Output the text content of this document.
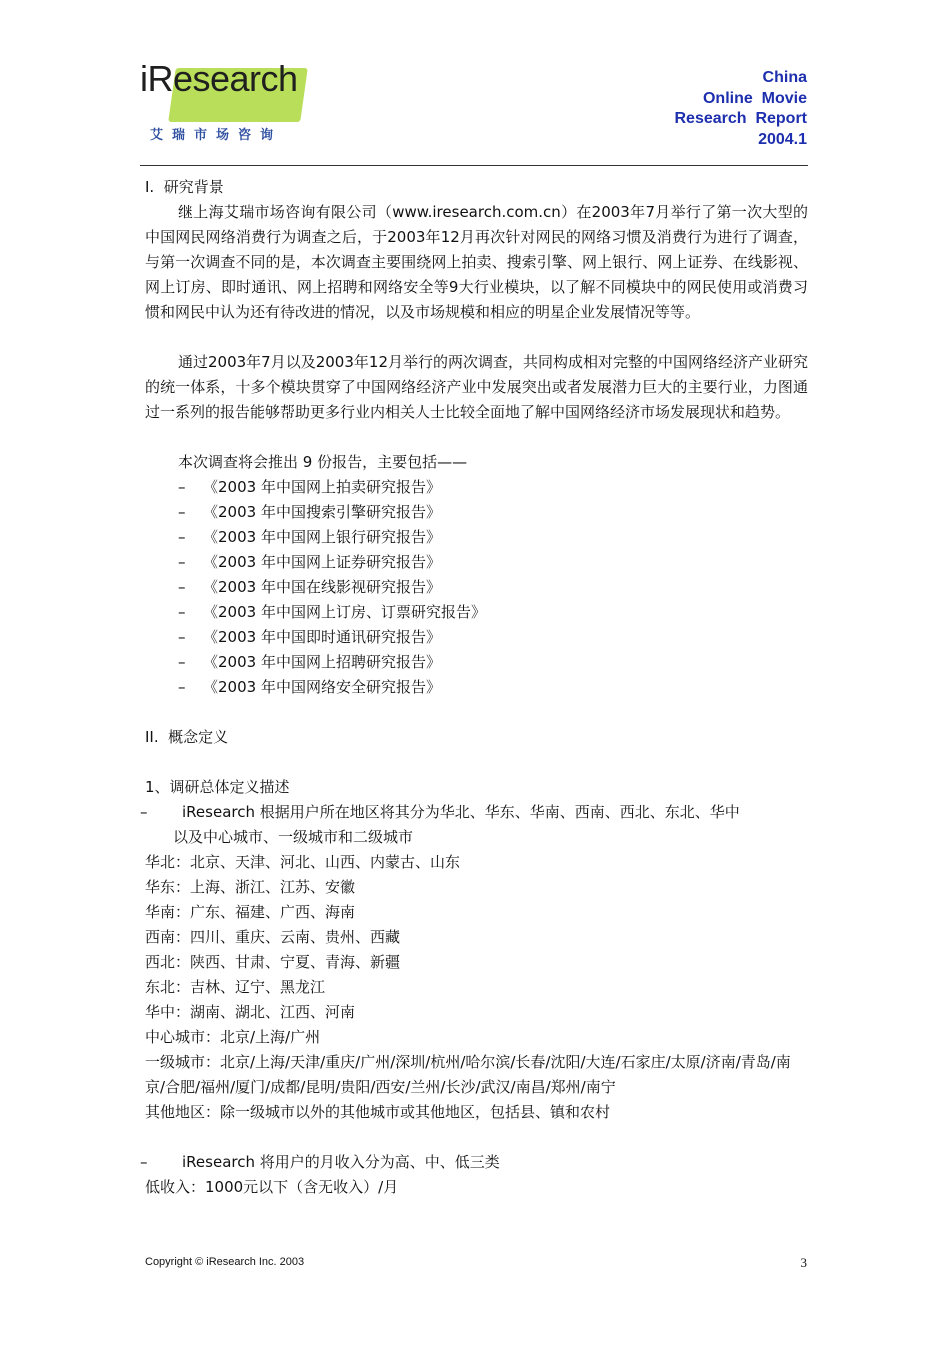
iResearch
艾瑞市场咨询
China
Online  Movie
Research  Report
2004.1

I.  研究背景

继上海艾瑞市场咨询有限公司（www.iresearch.com.cn）在2003年7月举行了第一次大型的中国网民网络消费行为调查之后，于2003年12月再次针对网民的网络习惯及消费行为进行了调查，与第一次调查不同的是，本次调查主要围绕网上拍卖、搜索引擎、网上银行、网上证券、在线影视、网上订房、即时通讯、网上招聘和网络安全等9大行业模块，以了解不同模块中的网民使用或消费习惯和网民中认为还有待改进的情况，以及市场规模和相应的明星企业发展情况等等。

通过2003年7月以及2003年12月举行的两次调查，共同构成相对完整的中国网络经济产业研究的统一体系，十多个模块贯穿了中国网络经济产业中发展突出或者发展潜力巨大的主要行业，力图通过一系列的报告能够帮助更多行业内相关人士比较全面地了解中国网络经济市场发展现状和趋势。

本次调查将会推出 9 份报告，主要包括——

–	《2003 年中国网上拍卖研究报告》
–	《2003 年中国搜索引擎研究报告》
–	《2003 年中国网上银行研究报告》
–	《2003 年中国网上证券研究报告》
–	《2003 年中国在线影视研究报告》
–	《2003 年中国网上订房、订票研究报告》
–	《2003 年中国即时通讯研究报告》
–	《2003 年中国网上招聘研究报告》
–	《2003 年中国网络安全研究报告》

II.  概念定义

1、调研总体定义描述

–	iResearch 根据用户所在地区将其分为华北、华东、华南、西南、西北、东北、华中

以及中心城市、一级城市和二级城市

华北：北京、天津、河北、山西、内蒙古、山东

华东：上海、浙江、江苏、安徽

华南：广东、福建、广西、海南

西南：四川、重庆、云南、贵州、西藏

西北：陕西、甘肃、宁夏、青海、新疆

东北：吉林、辽宁、黑龙江

华中：湖南、湖北、江西、河南

中心城市：北京/上海/广州

一级城市：北京/上海/天津/重庆/广州/深圳/杭州/哈尔滨/长春/沈阳/大连/石家庄/太原/济南/青岛/南京/合肥/福州/厦门/成都/昆明/贵阳/西安/兰州/长沙/武汉/南昌/郑州/南宁

其他地区：除一级城市以外的其他城市或其他地区，包括县、镇和农村

–	iResearch 将用户的月收入分为高、中、低三类

低收入：1000元以下（含无收入）/月

Copyright © iResearch Inc. 2003	3
